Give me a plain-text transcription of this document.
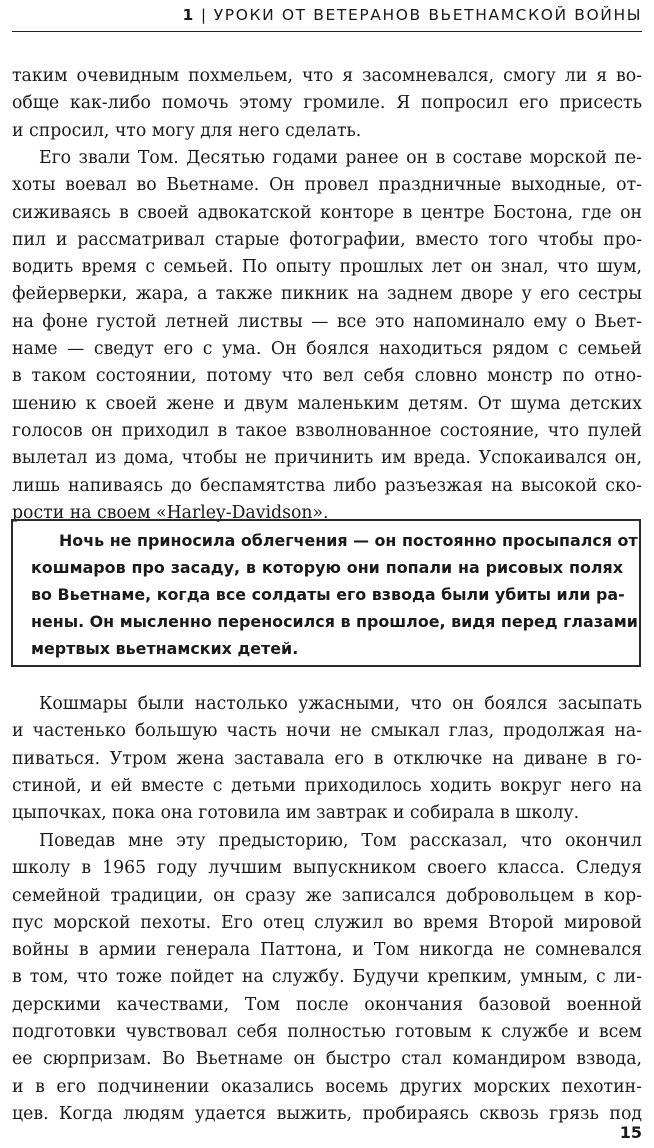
1 | УРОКИ ОТ ВЕТЕРАНОВ ВЬЕТНАМСКОЙ ВОЙНЫ
таким очевидным похмельем, что я засомневался, смогу ли я во-
обще как-либо помочь этому громиле. Я попросил его присесть
и спросил, что могу для него сделать.
Его звали Том. Десятью годами ранее он в составе морской пе-
хоты воевал во Вьетнаме. Он провел праздничные выходные, от-
сиживаясь в своей адвокатской конторе в центре Бостона, где он
пил и рассматривал старые фотографии, вместо того чтобы про-
водить время с семьей. По опыту прошлых лет он знал, что шум,
фейерверки, жара, а также пикник на заднем дворе у его сестры
на фоне густой летней листвы — все это напоминало ему о Вьет-
наме — сведут его с ума. Он боялся находиться рядом с семьей
в таком состоянии, потому что вел себя словно монстр по отно-
шению к своей жене и двум маленьким детям. От шума детских
голосов он приходил в такое взволнованное состояние, что пулей
вылетал из дома, чтобы не причинить им вреда. Успокаивался он,
лишь напиваясь до беспамятства либо разъезжая на высокой ско-
рости на своем «Harley-Davidson».
Ночь не приносила облегчения — он постоянно просыпался от
кошмаров про засаду, в которую они попали на рисовых полях
во Вьетнаме, когда все солдаты его взвода были убиты или ра-
нены. Он мысленно переносился в прошлое, видя перед глазами
мертвых вьетнамских детей.
Кошмары были настолько ужасными, что он боялся засыпать
и частенько большую часть ночи не смыкал глаз, продолжая на-
пиваться. Утром жена заставала его в отключке на диване в го-
стиной, и ей вместе с детьми приходилось ходить вокруг него на
цыпочках, пока она готовила им завтрак и собирала в школу.
Поведав мне эту предысторию, Том рассказал, что окончил
школу в 1965 году лучшим выпускником своего класса. Следуя
семейной традиции, он сразу же записался добровольцем в кор-
пус морской пехоты. Его отец служил во время Второй мировой
войны в армии генерала Паттона, и Том никогда не сомневался
в том, что тоже пойдет на службу. Будучи крепким, умным, с ли-
дерскими качествами, Том после окончания базовой военной
подготовки чувствовал себя полностью готовым к службе и всем
ее сюрпризам. Во Вьетнаме он быстро стал командиром взвода,
и в его подчинении оказались восемь других морских пехотин-
цев. Когда людям удается выжить, пробираясь сквозь грязь под
15
